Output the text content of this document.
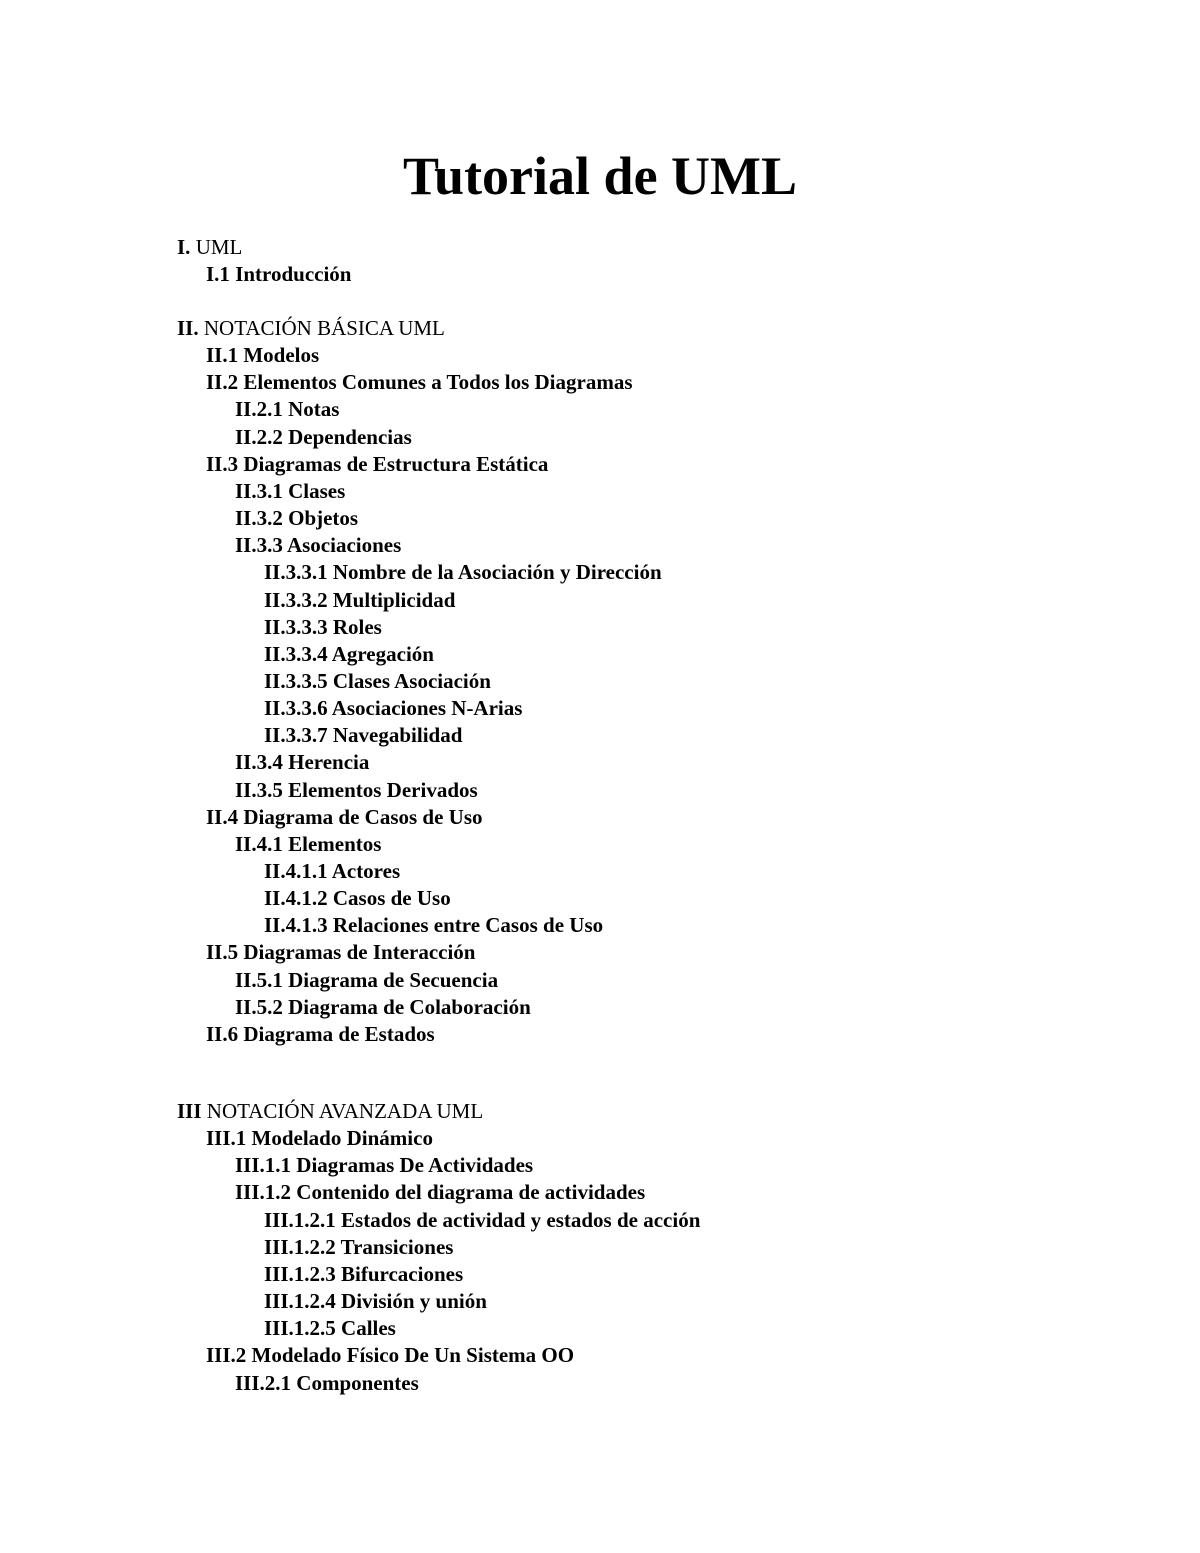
Tutorial de UML
I. UML
I.1 Introducción
II. NOTACIÓN BÁSICA UML
II.1 Modelos
II.2 Elementos Comunes a Todos los Diagramas
II.2.1 Notas
II.2.2 Dependencias
II.3 Diagramas de Estructura Estática
II.3.1 Clases
II.3.2 Objetos
II.3.3 Asociaciones
II.3.3.1 Nombre de la Asociación y Dirección
II.3.3.2 Multiplicidad
II.3.3.3 Roles
II.3.3.4 Agregación
II.3.3.5 Clases Asociación
II.3.3.6 Asociaciones N-Arias
II.3.3.7 Navegabilidad
II.3.4 Herencia
II.3.5 Elementos Derivados
II.4 Diagrama de Casos de Uso
II.4.1 Elementos
II.4.1.1 Actores
II.4.1.2 Casos de Uso
II.4.1.3 Relaciones entre Casos de Uso
II.5 Diagramas de Interacción
II.5.1 Diagrama de Secuencia
II.5.2 Diagrama de Colaboración
II.6 Diagrama de Estados
III NOTACIÓN AVANZADA UML
III.1 Modelado Dinámico
III.1.1 Diagramas De Actividades
III.1.2 Contenido del diagrama de actividades
III.1.2.1 Estados de actividad y estados de acción
III.1.2.2 Transiciones
III.1.2.3 Bifurcaciones
III.1.2.4 División y unión
III.1.2.5 Calles
III.2 Modelado Físico De Un Sistema OO
III.2.1 Componentes
